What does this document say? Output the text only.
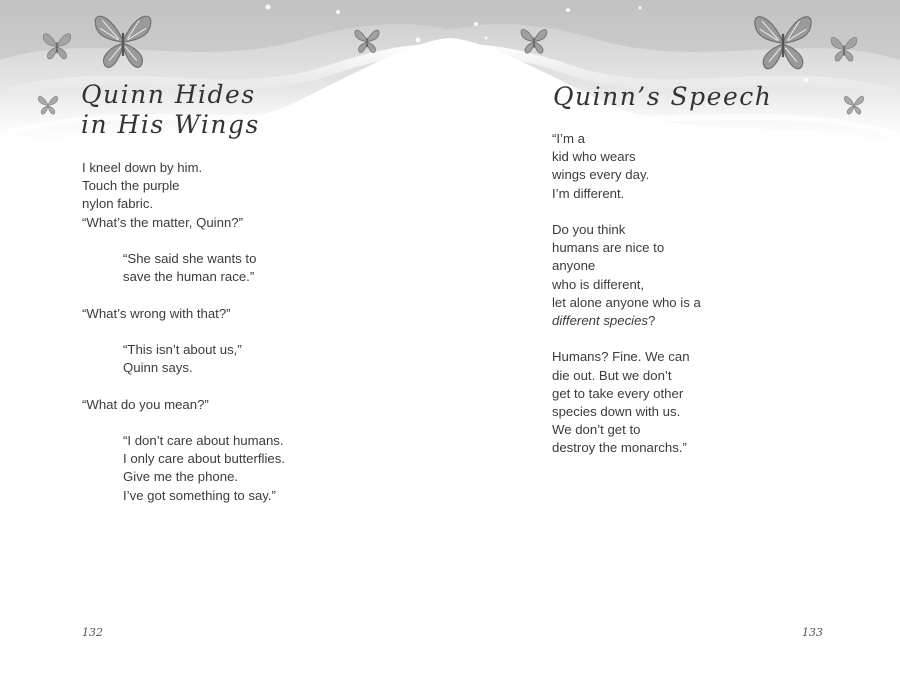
Quinn Hides
in His Wings
I kneel down by him.
Touch the purple
nylon fabric.
“What’s the matter, Quinn?”
“She said she wants to
save the human race.”
“What’s wrong with that?”
“This isn’t about us,”
Quinn says.
“What do you mean?”
“I don’t care about humans.
I only care about butterflies.
Give me the phone.
I’ve got something to say.”
132
Quinn’s Speech
“I’m a
kid who wears
wings every day.
I’m different.
Do you think
humans are nice to
anyone
who is different,
let alone anyone who is a
different species?
Humans? Fine. We can
die out. But we don’t
get to take every other
species down with us.
We don’t get to
destroy the monarchs.”
133
